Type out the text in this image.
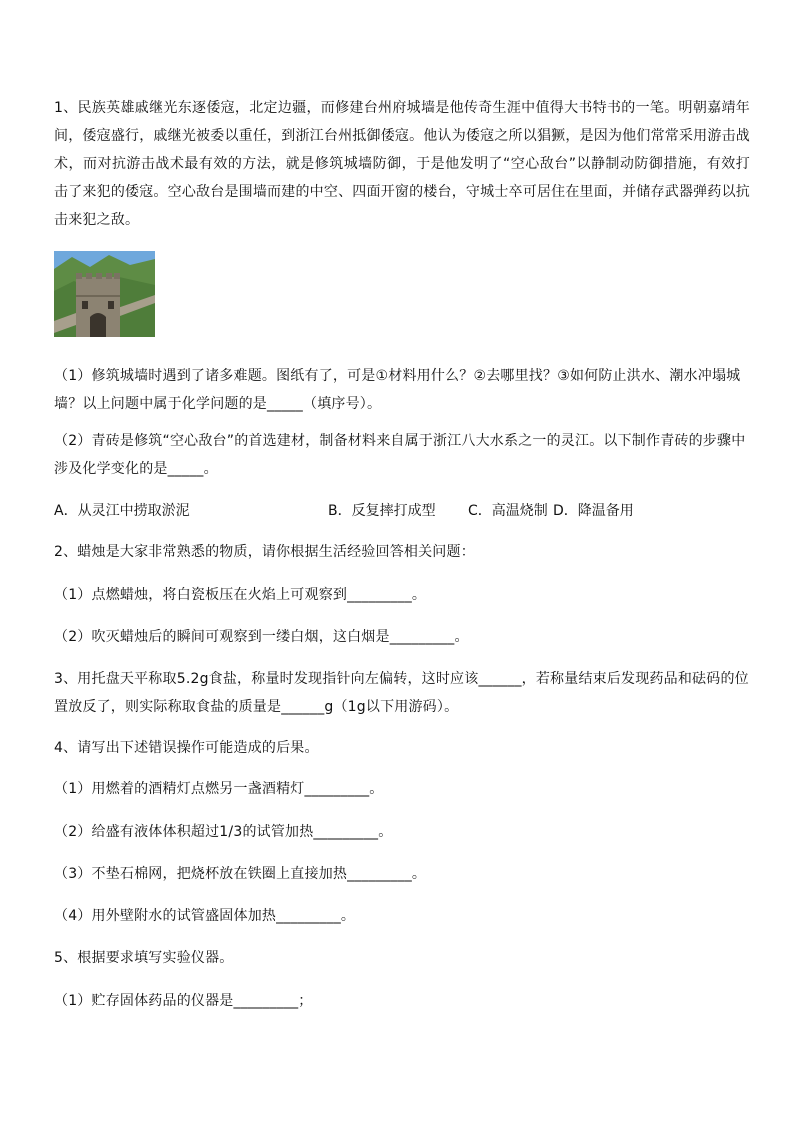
1、民族英雄戚继光东逐倭寇，北定边疆，而修建台州府城墙是他传奇生涯中值得大书特书的一笔。明朝嘉靖年间，倭寇盛行，戚继光被委以重任，到浙江台州抵御倭寇。他认为倭寇之所以猖獗，是因为他们常常采用游击战术，而对抗游击战术最有效的方法，就是修筑城墙防御，于是他发明了“空心敌台”以静制动防御措施，有效打击了来犯的倭寇。空心敌台是围墙而建的中空、四面开窗的楼台，守城士卒可居住在里面，并储存武器弹药以抗击来犯之敌。

（1）修筑城墙时遇到了诸多难题。图纸有了，可是①材料用什么？②去哪里找？③如何防止洪水、潮水冲塌城墙？以上问题中属于化学问题的是_____（填序号）。

（2）青砖是修筑“空心敌台”的首选建材，制备材料来自属于浙江八大水系之一的灵江。以下制作青砖的步骤中涉及化学变化的是_____。

A．从灵江中捞取淤泥	B．反复摔打成型 C．高温烧制 D．降温备用

2、蜡烛是大家非常熟悉的物质，请你根据生活经验回答相关问题：

（1）点燃蜡烛，将白瓷板压在火焰上可观察到_________。

（2）吹灭蜡烛后的瞬间可观察到一缕白烟，这白烟是_________。

3、用托盘天平称取5.2g食盐，称量时发现指针向左偏转，这时应该______，若称量结束后发现药品和砝码的位置放反了，则实际称取食盐的质量是______g（1g以下用游码）。

4、请写出下述错误操作可能造成的后果。

（1）用燃着的酒精灯点燃另一盏酒精灯_________。

（2）给盛有液体体积超过1/3的试管加热_________。

（3）不垫石棉网，把烧杯放在铁圈上直接加热_________。

（4）用外壁附水的试管盛固体加热_________。

5、根据要求填写实验仪器。

（1）贮存固体药品的仪器是_________；
